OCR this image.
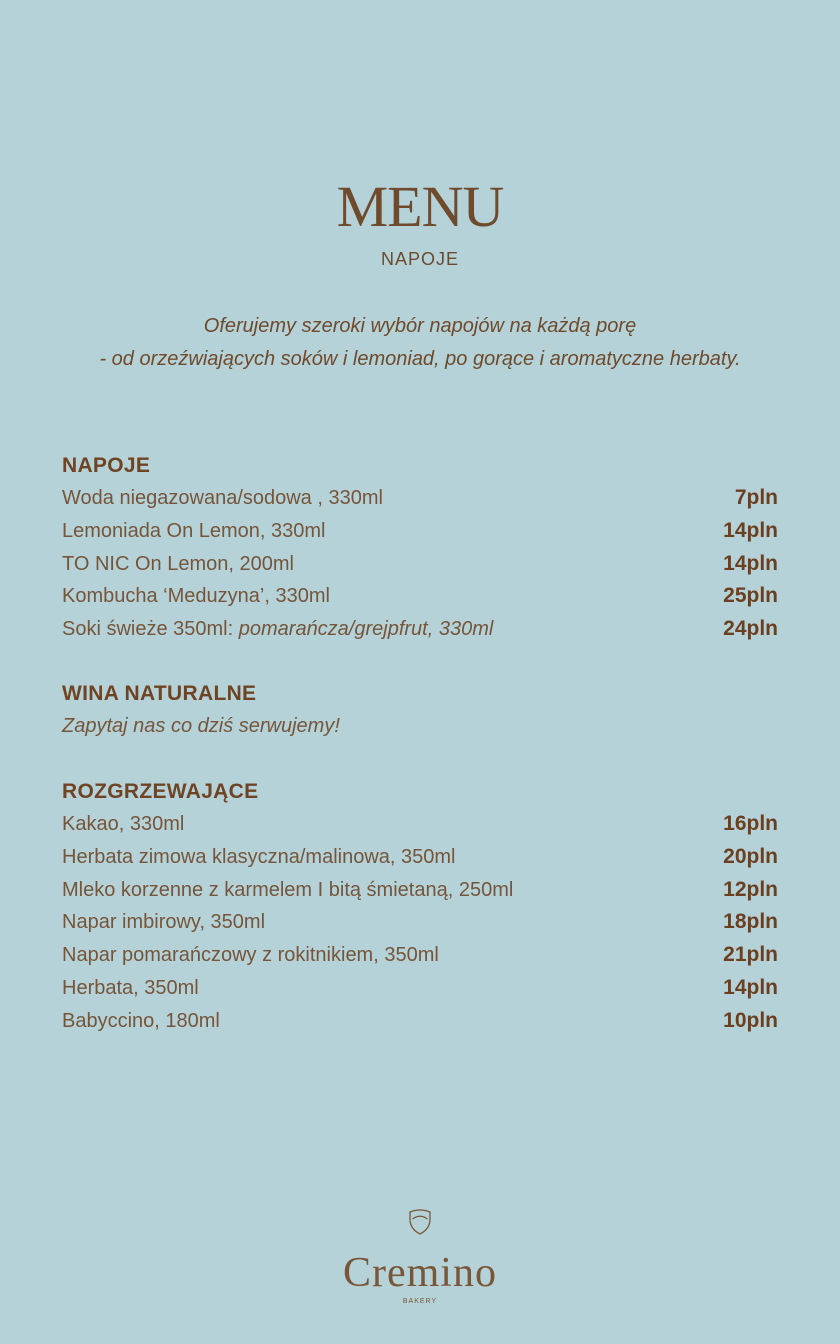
MENU
NAPOJE
Oferujemy szeroki wybór napojów na każdą porę
- od orzeźwiających soków i lemoniad, po gorące i aromatyczne herbaty.
NAPOJE
Woda niegazowana/sodowa , 330ml	7pln
Lemoniada On Lemon, 330ml	14pln
TO NIC On Lemon, 200ml	14pln
Kombucha ‘Meduzyna’, 330ml	25pln
Soki świeże 350ml: pomarańcza/grejpfrut, 330ml	24pln
WINA NATURALNE
Zapytaj nas co dziś serwujemy!
ROZGRZEWAJĄCE
Kakao, 330ml	16pln
Herbata zimowa klasyczna/malinowa, 350ml	20pln
Mleko korzenne z karmelem I bitą śmietaną, 250ml	12pln
Napar imbirowy, 350ml	18pln
Napar pomarańczowy z rokitnikiem, 350ml	21pln
Herbata, 350ml	14pln
Babyccino, 180ml	10pln
Cremino
BAKERY
